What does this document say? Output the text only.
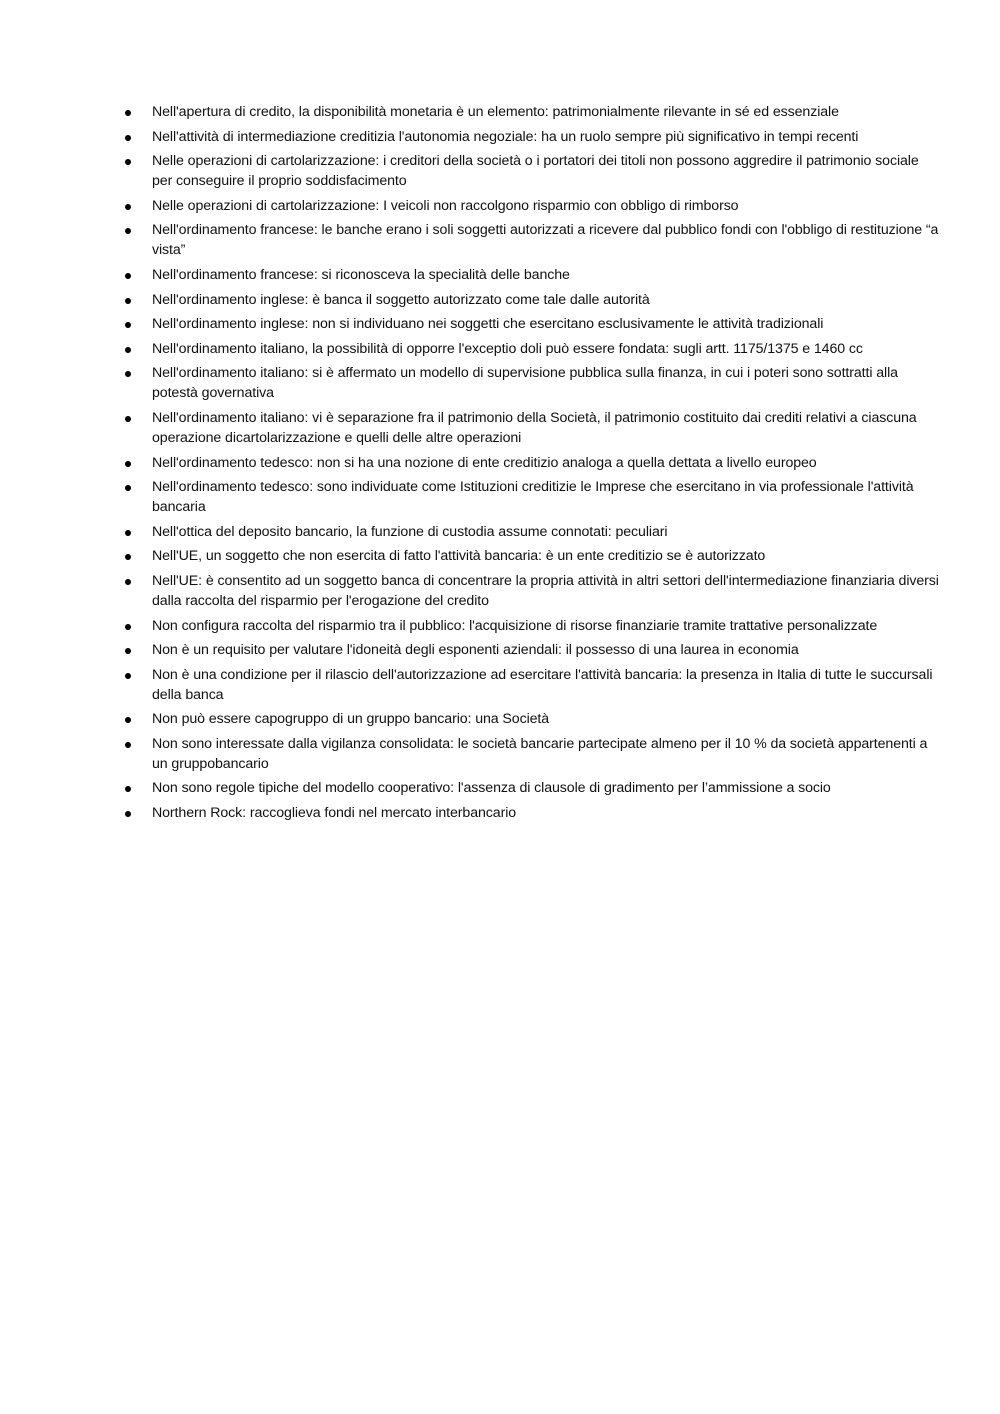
Nell'apertura di credito, la disponibilità monetaria è un elemento: patrimonialmente rilevante in sé ed essenziale
Nell'attività di intermediazione creditizia l'autonomia negoziale: ha un ruolo sempre più significativo in tempi recenti
Nelle operazioni di cartolarizzazione: i creditori della società o i portatori dei titoli non possono aggredire il patrimonio sociale per conseguire il proprio soddisfacimento
Nelle operazioni di cartolarizzazione: I veicoli non raccolgono risparmio con obbligo di rimborso
Nell'ordinamento francese: le banche erano i soli soggetti autorizzati a ricevere dal pubblico fondi con l'obbligo di restituzione “a vista”
Nell'ordinamento francese: si riconosceva la specialità delle banche
Nell'ordinamento inglese: è banca il soggetto autorizzato come tale dalle autorità
Nell'ordinamento inglese: non si individuano nei soggetti che esercitano esclusivamente le attività tradizionali
Nell'ordinamento italiano, la possibilità di opporre l'exceptio doli può essere fondata: sugli artt. 1175/1375 e 1460 cc
Nell'ordinamento italiano: si è affermato un modello di supervisione pubblica sulla finanza, in cui i poteri sono sottratti alla potestà governativa
Nell'ordinamento italiano: vi è separazione fra il patrimonio della Società, il patrimonio costituito dai crediti relativi a ciascuna operazione dicartolarizzazione e quelli delle altre operazioni
Nell'ordinamento tedesco: non si ha una nozione di ente creditizio analoga a quella dettata a livello europeo
Nell'ordinamento tedesco: sono individuate come Istituzioni creditizie le Imprese che esercitano in via professionale l'attività bancaria
Nell'ottica del deposito bancario, la funzione di custodia assume connotati: peculiari
Nell'UE, un soggetto che non esercita di fatto l'attività bancaria: è un ente creditizio se è autorizzato
Nell'UE: è consentito ad un soggetto banca di concentrare la propria attività in altri settori dell'intermediazione finanziaria diversi dalla raccolta del risparmio per l'erogazione del credito
Non configura raccolta del risparmio tra il pubblico: l'acquisizione di risorse finanziarie tramite trattative personalizzate
Non è un requisito per valutare l'idoneità degli esponenti aziendali: il possesso di una laurea in economia
Non è una condizione per il rilascio dell'autorizzazione ad esercitare l'attività bancaria: la presenza in Italia di tutte le succursali della banca
Non può essere capogruppo di un gruppo bancario: una Società
Non sono interessate dalla vigilanza consolidata: le società bancarie partecipate almeno per il 10 % da società appartenenti a un gruppobancario
Non sono regole tipiche del modello cooperativo: l'assenza di clausole di gradimento per l’ammissione a socio
Northern Rock: raccoglieva fondi nel mercato interbancario
